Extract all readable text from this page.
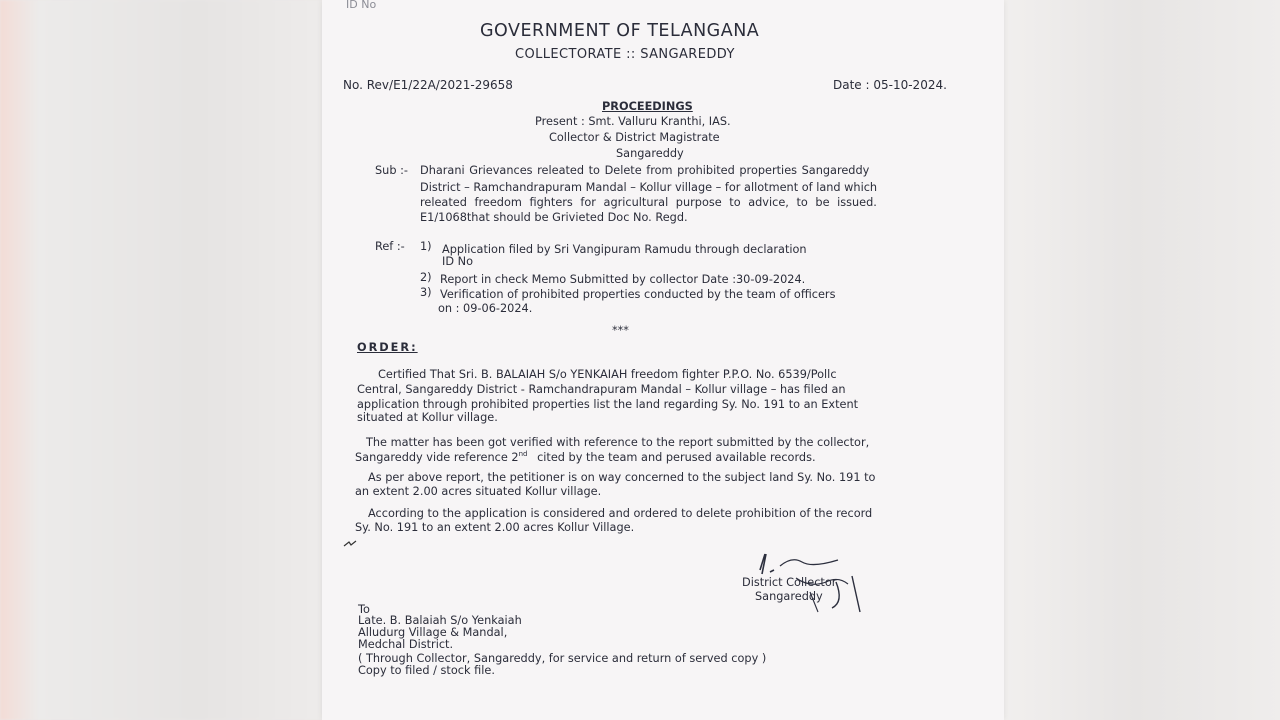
ID No
GOVERNMENT OF TELANGANA
COLLECTORATE :: SANGAREDDY
No. Rev/E1/22A/2021-29658	Date : 05-10-2024.
PROCEEDINGS
Present : Smt. Valluru Kranthi, IAS.
Collector & District Magistrate
Sangareddy
Sub :- Dharani Grievances releated to Delete from prohibited properties Sangareddy
District – Ramchandrapuram Mandal – Kollur village – for allotment of land which
releated freedom fighters for agricultural purpose to advice, to be issued.
E1/1068that should be Grivieted Doc No. Regd.
Ref :- 1) Application filed by Sri Vangipuram Ramudu through declaration
ID No
2) Report in check Memo Submitted by collector Date :30-09-2024.
3) Verification of prohibited properties conducted by the team of officers
on : 09-06-2024.
***
ORDER:
Certified That Sri. B. BALAIAH S/o YENKAIAH freedom fighter P.P.O. No. 6539/Pollc
Central, Sangareddy District - Ramchandrapuram Mandal – Kollur village – has filed an
application through prohibited properties list the land regarding Sy. No. 191 to an Extent
situated at Kollur village.
The matter has been got verified with reference to the report submitted by the collector,
Sangareddy vide reference 2nd cited by the team and perused available records.
As per above report, the petitioner is on way concerned to the subject land Sy. No. 191 to
an extent 2.00 acres situated Kollur village.
According to the application is considered and ordered to delete prohibition of the record
Sy. No. 191 to an extent 2.00 acres Kollur Village.
District Collector
Sangareddy
To
Late. B. Balaiah S/o Yenkaiah
Alludurg Village & Mandal,
Medchal District.
( Through Collector, Sangareddy, for service and return of served copy )
Copy to filed / stock file.
